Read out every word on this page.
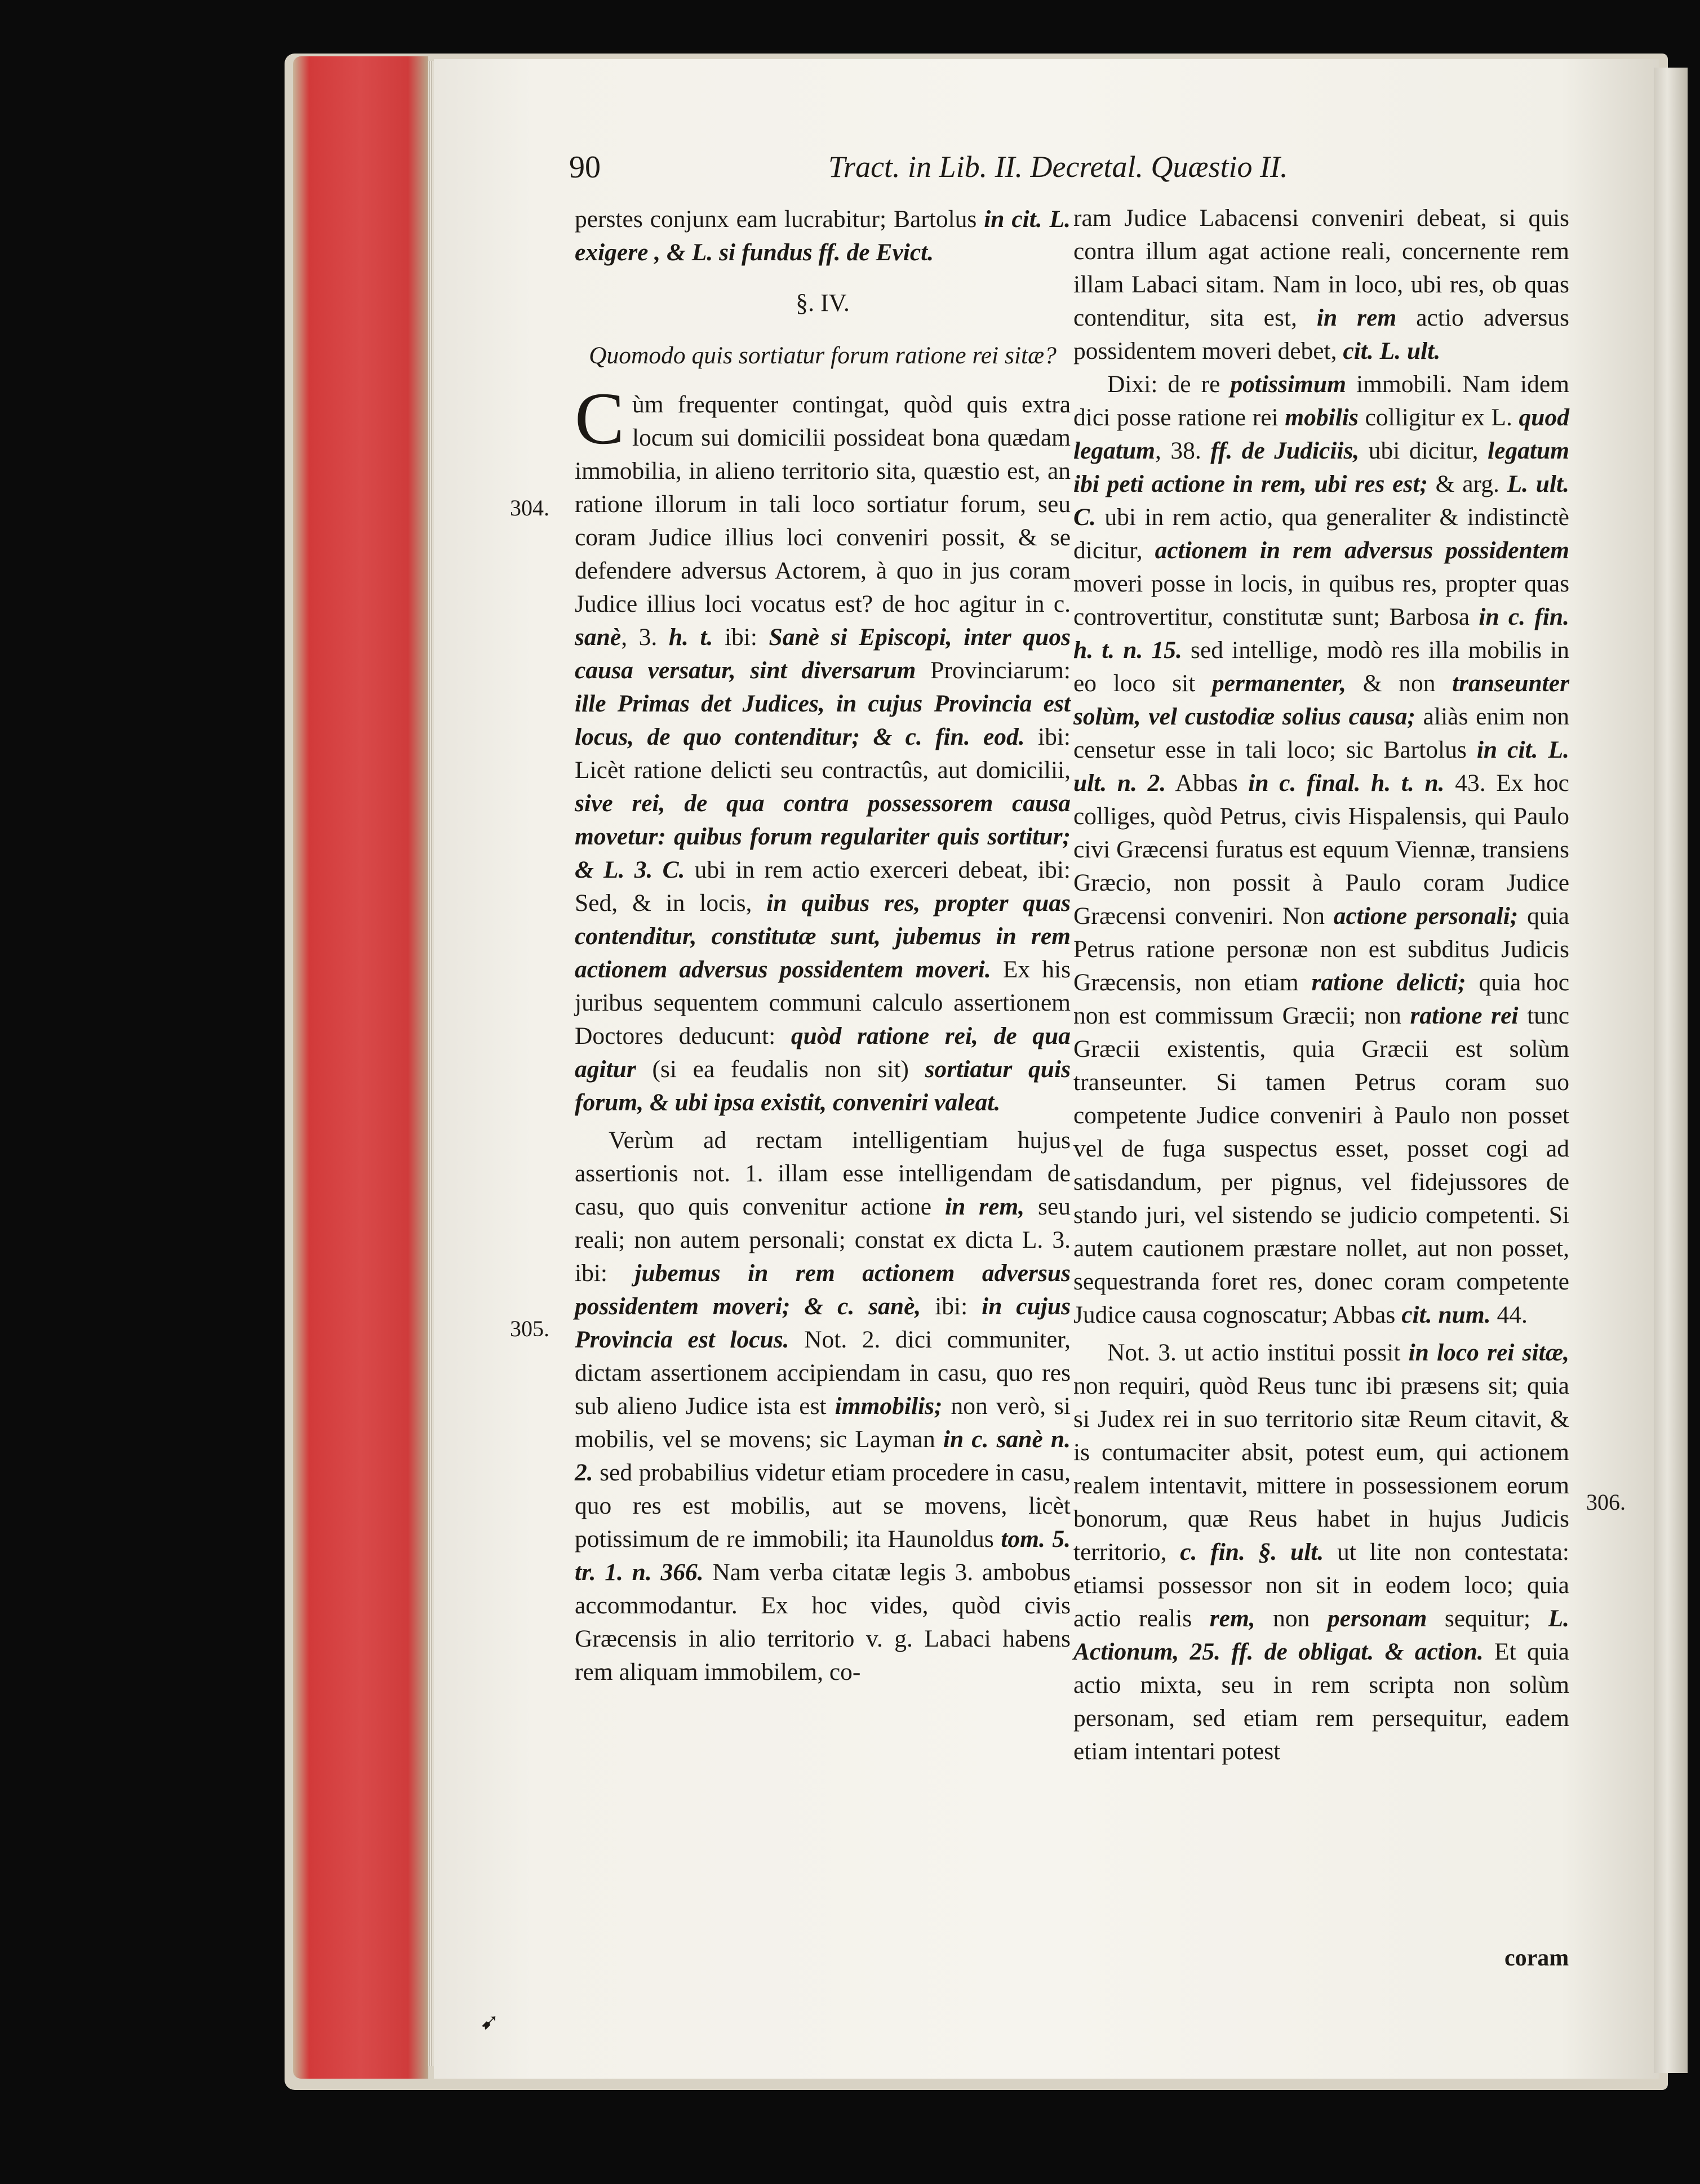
90	Tract. in Lib. II. Decretal. Quæstio II.

perstes conjunx eam lucrabitur; Bartolus in cit. L. exigere , & L. si fundus ff. de Evict.

§. IV.
Quomodo quis sortiatur forum ratione rei sitæ?

Cùm frequenter contingat, quòd quis extra locum sui domicilii possideat bona quædam immobilia, in alieno territorio sita, quæstio est, an ratione illorum in tali loco sortiatur forum, seu coram Judice illius loci conveniri possit, & se defendere adversus Actorem, à quo in jus coram Judice illius loci vocatus est? de hoc agitur in c. sanè, 3. h. t. ibi: Sanè si Episcopi, inter quos causa versatur, sint diversarum Provinciarum: ille Primas det Judices, in cujus Provincia est locus, de quo contenditur; & c. fin. eod. ibi: Licèt ratione delicti seu contractûs, aut domicilii, sive rei, de qua contra possessorem causa movetur: quibus forum regulariter quis sortitur; & L. 3. C. ubi in rem actio exerceri debeat, ibi: Sed, & in locis, in quibus res, propter quas contenditur, constitutæ sunt, jubemus in rem actionem adversus possidentem moveri. Ex his juribus sequentem communi calculo assertionem Doctores deducunt: quòd ratione rei, de qua agitur (si ea feudalis non sit) sortiatur quis forum, & ubi ipsa existit, conveniri valeat.

Verùm ad rectam intelligentiam hujus assertionis not. 1. illam esse intelligendam de casu, quo quis convenitur actione in rem, seu reali; non autem personali; constat ex dicta L. 3. ibi: jubemus in rem actionem adversus possidentem moveri; & c. sanè, ibi: in cujus Provincia est locus. Not. 2. dici communiter, dictam assertionem accipiendam in casu, quo res sub alieno Judice ista est immobilis; non verò, si mobilis, vel se movens; sic Layman in c. sanè n. 2. sed probabilius videtur etiam procedere in casu, quo res est mobilis, aut se movens, licèt potissimum de re immobili; ita Haunoldus tom. 5. tr. 1. n. 366. Nam verba citatæ legis 3. ambobus accommodantur. Ex hoc vides, quòd civis Græcensis in alio territorio v. g. Labaci habens rem aliquam immobilem, co-

ram Judice Labacensi conveniri debeat, si quis contra illum agat actione reali, concernente rem illam Labaci sitam. Nam in loco, ubi res, ob quas contenditur, sita est, in rem actio adversus possidentem moveri debet, cit. L. ult.

Dixi: de re potissimum immobili. Nam idem dici posse ratione rei mobilis colligitur ex L. quod legatum, 38. ff. de Judiciis, ubi dicitur, legatum ibi peti actione in rem, ubi res est; & arg. L. ult. C. ubi in rem actio, qua generaliter & indistinctè dicitur, actionem in rem adversus possidentem moveri posse in locis, in quibus res, propter quas controvertitur, constitutæ sunt; Barbosa in c. fin. h. t. n. 15. sed intellige, modò res illa mobilis in eo loco sit permanenter, & non transeunter solùm, vel custodiæ solius causa; aliàs enim non censetur esse in tali loco; sic Bartolus in cit. L. ult. n. 2. Abbas in c. final. h. t. n. 43. Ex hoc colliges, quòd Petrus, civis Hispalensis, qui Paulo civi Græcensi furatus est equum Viennæ, transiens Græcio, non possit à Paulo coram Judice Græcensi conveniri. Non actione personali; quia Petrus ratione personæ non est subditus Judicis Græcensis, non etiam ratione delicti; quia hoc non est commissum Græcii; non ratione rei tunc Græcii existentis, quia Græcii est solùm transeunter. Si tamen Petrus coram suo competente Judice conveniri à Paulo non posset vel de fuga suspectus esset, posset cogi ad satisdandum, per pignus, vel fidejussores de stando juri, vel sistendo se judicio competenti. Si autem cautionem præstare nollet, aut non posset, sequestranda foret res, donec coram competente Judice causa cognoscatur; Abbas cit. num. 44.

Not. 3. ut actio institui possit in loco rei sitæ, non requiri, quòd Reus tunc ibi præsens sit; quia si Judex rei in suo territorio sitæ Reum citavit, & is contumaciter absit, potest eum, qui actionem realem intentavit, mittere in possessionem eorum bonorum, quæ Reus habet in hujus Judicis territorio, c. fin. §. ult. ut lite non contestata: etiamsi possessor non sit in eodem loco; quia actio realis rem, non personam sequitur; L. Actionum, 25. ff. de obligat. & action. Et quia actio mixta, seu in rem scripta non solùm personam, sed etiam rem persequitur, eadem etiam intentari potest

304.
305.
306.
coram
➹
